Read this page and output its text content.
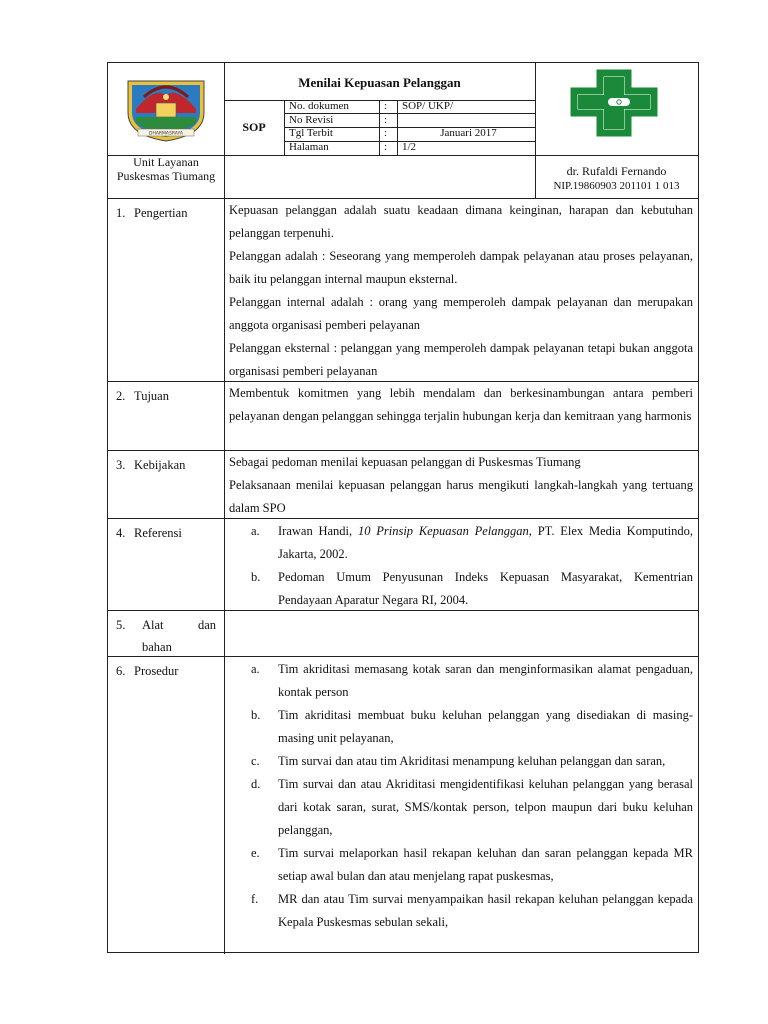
DHARMASRAYA
Menilai Kepuasan Pelanggan
SOP
No. dokumen	: SOP/ UKP/
No Revisi	:
Tgl Terbit	:	Januari 2017
Halaman	: 1/2
Unit Layanan Puskesmas Tiumang	dr. Rufaldi Fernando
NIP.19860903 201101 1 013
1. Pengertian	Kepuasan pelanggan adalah suatu keadaan dimana keinginan, harapan dan kebutuhan pelanggan terpenuhi.

Pelanggan adalah : Seseorang yang memperoleh dampak pelayanan atau proses pelayanan, baik itu pelanggan internal maupun eksternal.

Pelanggan internal adalah : orang yang memperoleh dampak pelayanan dan merupakan anggota organisasi pemberi pelayanan

Pelanggan eksternal : pelanggan yang memperoleh dampak pelayanan tetapi bukan anggota organisasi pemberi pelayanan

2. Tujuan	Membentuk komitmen yang lebih mendalam dan berkesinambungan antara pemberi pelayanan dengan pelanggan sehingga terjalin hubungan kerja dan kemitraan yang harmonis

3. Kebijakan	Sebagai pedoman menilai kepuasan pelanggan di Puskesmas Tiumang

Pelaksanaan menilai kepuasan pelanggan harus mengikuti langkah-langkah yang tertuang dalam SPO

4. Referensi	a. Irawan Handi, 10 Prinsip Kepuasan Pelanggan, PT. Elex Media Komputindo, Jakarta, 2002.
b. Pedoman Umum Penyusunan Indeks Kepuasan Masyarakat, Kementrian Pendayaan Aparatur Negara RI, 2004.
5.	Alat         dan
bahan
6. Prosedur	a. Tim akriditasi memasang kotak saran dan menginformasikan alamat pengaduan, kontak person
b. Tim akriditasi membuat buku keluhan pelanggan yang disediakan di masing-masing unit pelayanan,
c. Tim survai dan atau tim Akriditasi menampung keluhan pelanggan dan saran,
d. Tim survai dan atau Akriditasi mengidentifikasi keluhan pelanggan yang berasal dari kotak saran, surat, SMS/kontak person, telpon maupun dari buku keluhan pelanggan,
e. Tim survai melaporkan hasil rekapan keluhan dan saran pelanggan kepada MR setiap awal bulan dan atau menjelang rapat puskesmas,
f. MR dan atau Tim survai menyampaikan hasil rekapan keluhan pelanggan kepada Kepala Puskesmas sebulan sekali,
